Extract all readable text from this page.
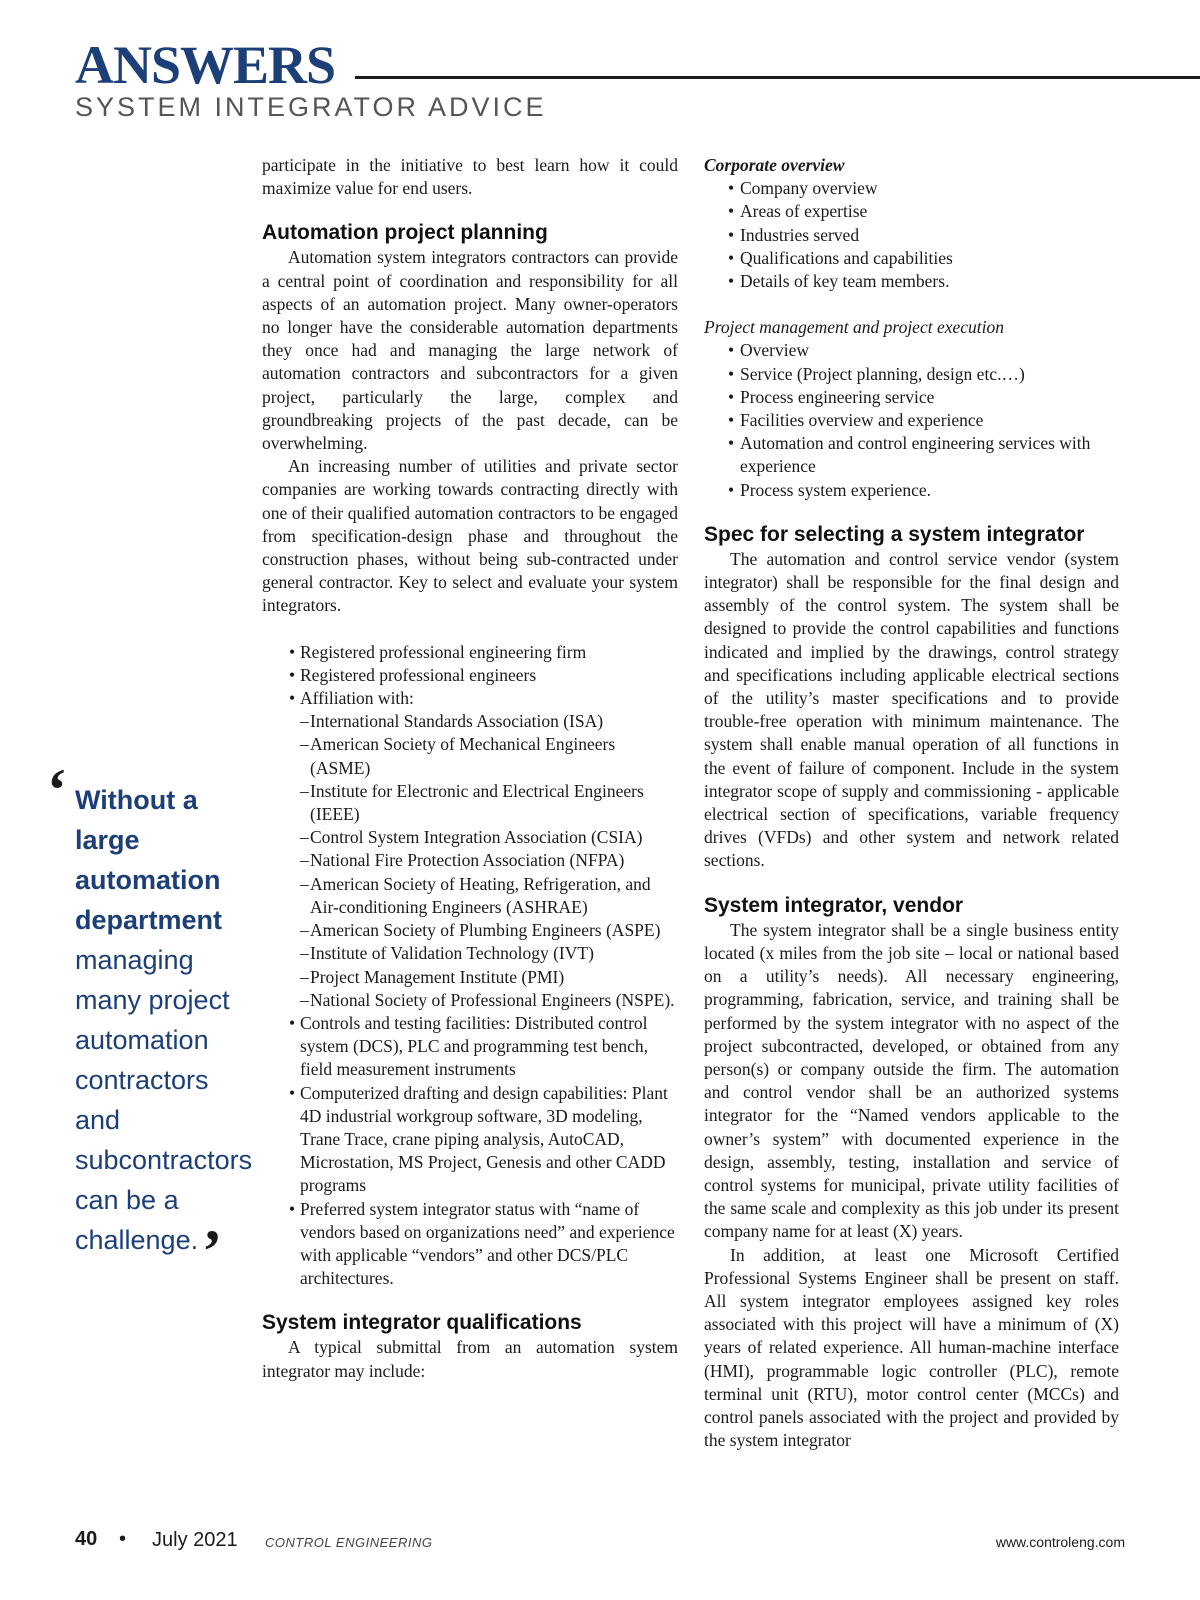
ANSWERS
SYSTEM INTEGRATOR ADVICE
‘ Without a large automation department managing many project automation contractors and subcontractors can be a challenge.’

participate in the initiative to best learn how it could maximize value for end users.

Automation project planning

Automation system integrators contractors can provide a central point of coordination and responsibility for all aspects of an automation project. Many owner-operators no longer have the considerable automation departments they once had and managing the large network of automation contractors and subcontractors for a given project, particularly the large, complex and groundbreaking projects of the past decade, can be overwhelming.

An increasing number of utilities and private sector companies are working towards contracting directly with one of their qualified automation contractors to be engaged from specification-design phase and throughout the construction phases, without being sub-contracted under general contractor. Key to select and evaluate your system integrators.

• Registered professional engineering firm
• Registered professional engineers
• Affiliation with:
– International Standards Association (ISA)
– American Society of Mechanical Engineers (ASME)
– Institute for Electronic and Electrical Engineers (IEEE)
– Control System Integration Association (CSIA)
– National Fire Protection Association (NFPA)
– American Society of Heating, Refrigeration, and Air-conditioning Engineers (ASHRAE)
– American Society of Plumbing Engineers (ASPE)
– Institute of Validation Technology (IVT)
– Project Management Institute (PMI)
– National Society of Professional Engineers (NSPE).
• Controls and testing facilities: Distributed control system (DCS), PLC and programming test bench, field measurement instruments
• Computerized drafting and design capabilities: Plant 4D industrial workgroup software, 3D modeling, Trane Trace, crane piping analysis, AutoCAD, Microstation, MS Project, Genesis and other CADD programs
• Preferred system integrator status with “name of vendors based on organizations need” and experience with applicable “vendors” and other DCS/PLC architectures.
System integrator qualifications

A typical submittal from an automation system integrator may include:

Corporate overview

• Company overview
• Areas of expertise
• Industries served
• Qualifications and capabilities
• Details of key team members.

Project management and project execution

• Overview
• Service (Project planning, design etc.…)
• Process engineering service
• Facilities overview and experience
• Automation and control engineering services with experience
• Process system experience.
Spec for selecting a system integrator

The automation and control service vendor (system integrator) shall be responsible for the final design and assembly of the control system. The system shall be designed to provide the control capabilities and functions indicated and implied by the drawings, control strategy and specifications including applicable electrical sections of the utility’s master specifications and to provide trouble-free operation with minimum maintenance. The system shall enable manual operation of all functions in the event of failure of component. Include in the system integrator scope of supply and commissioning - applicable electrical section of specifications, variable frequency drives (VFDs) and other system and network related sections.

System integrator, vendor

The system integrator shall be a single business entity located (x miles from the job site – local or national based on a utility’s needs). All necessary engineering, programming, fabrication, service, and training shall be performed by the system integrator with no aspect of the project subcontracted, developed, or obtained from any person(s) or company outside the firm. The automation and control vendor shall be an authorized systems integrator for the “Named vendors applicable to the owner’s system” with documented experience in the design, assembly, testing, installation and service of control systems for municipal, private utility facilities of the same scale and complexity as this job under its present company name for at least (X) years.

In addition, at least one Microsoft Certified Professional Systems Engineer shall be present on staff. All system integrator employees assigned key roles associated with this project will have a minimum of (X) years of related experience. All human-machine interface (HMI), programmable logic controller (PLC), remote terminal unit (RTU), motor control center (MCCs) and control panels associated with the project and provided by the system integrator

40 • July 2021 CONTROL ENGINEERING	www.controleng.com
